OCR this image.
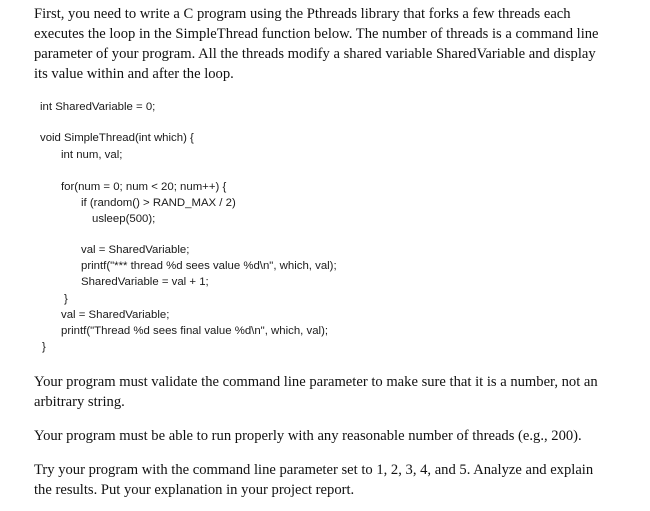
First, you need to write a C program using the Pthreads library that forks a few threads each
executes the loop in the SimpleThread function below. The number of threads is a command line
parameter of your program. All the threads modify a shared variable SharedVariable and display
its value within and after the loop.
int SharedVariable = 0;
void SimpleThread(int which) {
int num, val;
for(num = 0; num < 20; num++) {
if (random() > RAND_MAX / 2)
usleep(500);
val = SharedVariable;
printf("*** thread %d sees value %d\n", which, val);
SharedVariable = val + 1;
}
val = SharedVariable;
printf("Thread %d sees final value %d\n", which, val);
}
Your program must validate the command line parameter to make sure that it is a number, not an
arbitrary string.
Your program must be able to run properly with any reasonable number of threads (e.g., 200).
Try your program with the command line parameter set to 1, 2, 3, 4, and 5. Analyze and explain
the results. Put your explanation in your project report.
